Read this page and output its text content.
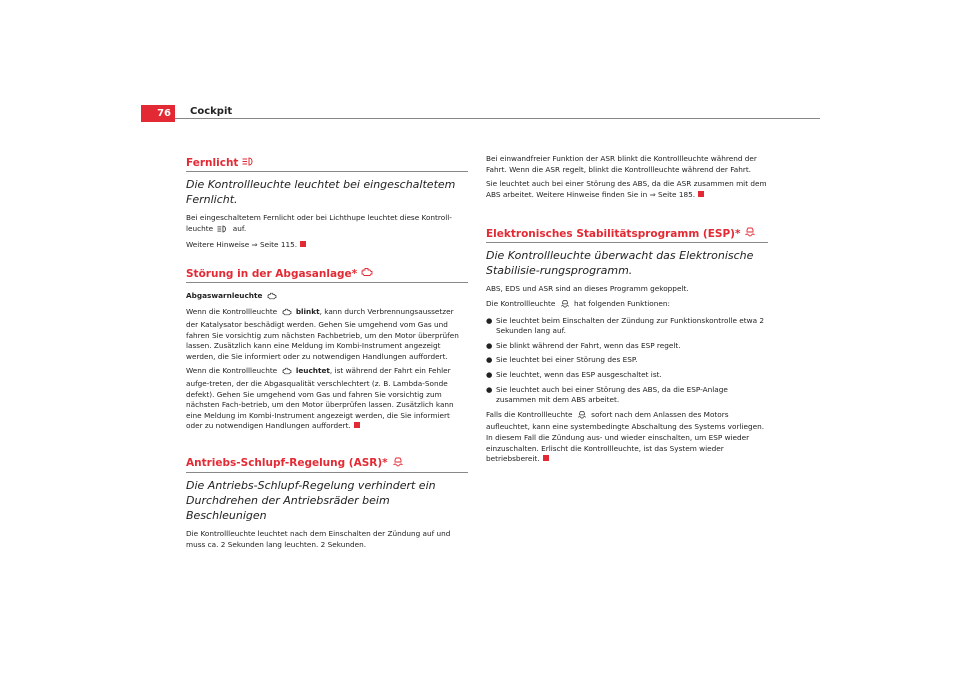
76	Cockpit
Fernlicht
Die Kontrollleuchte leuchtet bei eingeschaltetem Fernlicht.

Bei eingeschaltetem Fernlicht oder bei Lichthupe leuchtet diese Kontroll-
leuchte	auf.

Weitere Hinweise ⇒ Seite 115.

Störung in der Abgasanlage*

Abgaswarnleuchte

Wenn die Kontrollleuchte	blinkt, kann durch Verbrennungsaussetzer der Katalysator beschädigt werden. Gehen Sie umgehend vom Gas und fahren Sie vorsichtig zum nächsten Fachbetrieb, um den Motor überprüfen lassen. Zusätzlich kann eine Meldung im Kombi-Instrument angezeigt werden, die Sie informiert oder zu notwendigen Handlungen auffordert.

Wenn die Kontrollleuchte	leuchtet, ist während der Fahrt ein Fehler aufge-treten, der die Abgasqualität verschlechtert (z. B. Lambda-Sonde defekt). Gehen Sie umgehend vom Gas und fahren Sie vorsichtig zum nächsten Fach-betrieb, um den Motor überprüfen lassen. Zusätzlich kann eine Meldung im Kombi-Instrument angezeigt werden, die Sie informiert oder zu notwendigen Handlungen auffordert.

Antriebs-Schlupf-Regelung (ASR)*
Die Antriebs-Schlupf-Regelung verhindert ein Durchdrehen der Antriebsräder beim Beschleunigen

Die Kontrollleuchte leuchtet nach dem Einschalten der Zündung auf und muss ca. 2 Sekunden lang leuchten. 2 Sekunden.

Bei einwandfreier Funktion der ASR blinkt die Kontrollleuchte während der Fahrt. Wenn die ASR regelt, blinkt die Kontrollleuchte während der Fahrt.

Sie leuchtet auch bei einer Störung des ABS, da die ASR zusammen mit dem ABS arbeitet. Weitere Hinweise finden Sie in ⇒ Seite 185.

Elektronisches Stabilitätsprogramm (ESP)*
Die Kontrollleuchte überwacht das Elektronische Stabilisie-rungsprogramm.

ABS, EDS und ASR sind an dieses Programm gekoppelt.

Die Kontrollleuchte	hat folgenden Funktionen:

● Sie leuchtet beim Einschalten der Zündung zur Funktionskontrolle etwa 2 Sekunden lang auf.
● Sie blinkt während der Fahrt, wenn das ESP regelt.
● Sie leuchtet bei einer Störung des ESP.
● Sie leuchtet, wenn das ESP ausgeschaltet ist.
● Sie leuchtet auch bei einer Störung des ABS, da die ESP-Anlage zusammen mit dem ABS arbeitet.

Falls die Kontrollleuchte	sofort nach dem Anlassen des Motors aufleuchtet, kann eine systembedingte Abschaltung des Systems vorliegen. In diesem Fall die Zündung aus- und wieder einschalten, um ESP wieder einzuschalten. Erlischt die Kontrollleuchte, ist das System wieder betriebsbereit.
